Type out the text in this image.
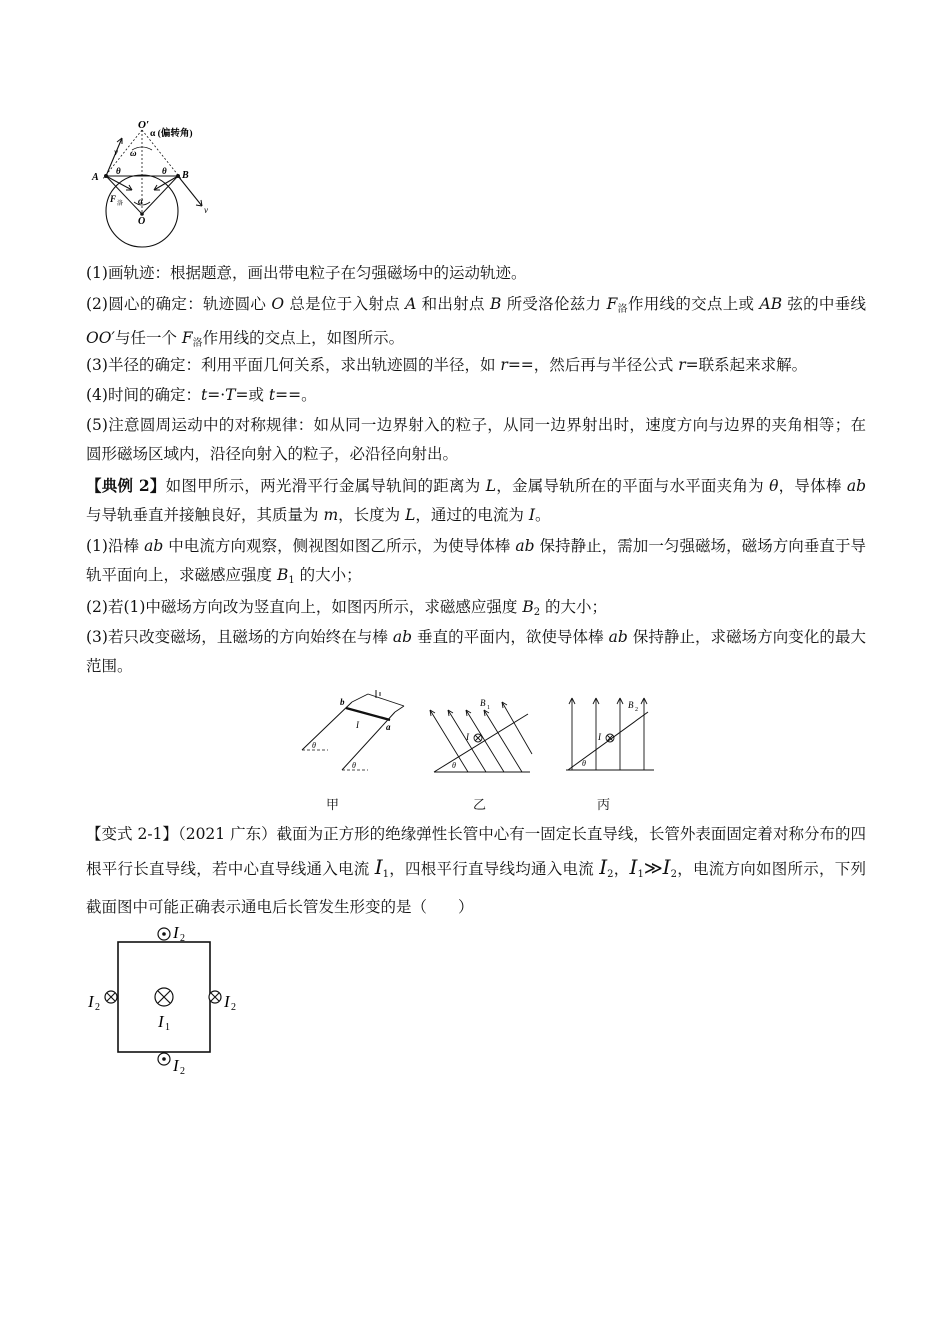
O′
α (偏转角)
A	B
O
v
v
ω
θ	θ
α
F 洛
(1)画轨迹：根据题意，画出带电粒子在匀强磁场中的运动轨迹。
(2)圆心的确定：轨迹圆心 O 总是位于入射点 A 和出射点 B 所受洛伦兹力 $F_洛$作用线的交点上或 AB 弦的中垂线 OO′与任一个 $F_洛$作用线的交点上，如图所示。
(3)半径的确定：利用平面几何关系，求出轨迹圆的半径，如 r==，然后再与半径公式 r=联系起来求解。
(4)时间的确定：t=·T=或 t==。
(5)注意圆周运动中的对称规律：如从同一边界射入的粒子，从同一边界射出时，速度方向与边界的夹角相等；在圆形磁场区域内，沿径向射入的粒子，必沿径向射出。
【典例 2】如图甲所示，两光滑平行金属导轨间的距离为 L，金属导轨所在的平面与水平面夹角为 θ，导体棒 ab 与导轨垂直并接触良好，其质量为 m，长度为 L，通过的电流为 I。
(1)沿棒 ab 中电流方向观察，侧视图如图乙所示，为使导体棒 ab 保持静止，需加一匀强磁场，磁场方向垂直于导轨平面向上，求磁感应强度 $B_1$ 的大小；
(2)若(1)中磁场方向改为竖直向上，如图丙所示，求磁感应强度 $B_2$ 的大小；
(3)若只改变磁场，且磁场的方向始终在与棒 ab 垂直的平面内，欲使导体棒 ab 保持静止，求磁场方向变化的最大范围。
b
a
I
θ
θ
甲
I
θ
B 1
乙
I
θ
B 2
丙
【变式 2-1】（2021 广东）截面为正方形的绝缘弹性长管中心有一固定长直导线，长管外表面固定着对称分布的四根平行长直导线，若中心直导线通入电流 $I_1$，四根平行直导线均通入电流 $I_2$，$I_1≫I_2$，电流方向如图所示，下列截面图中可能正确表示通电后长管发生形变的是（　　）
I 2
I 2
I 2	I 2
I 1
